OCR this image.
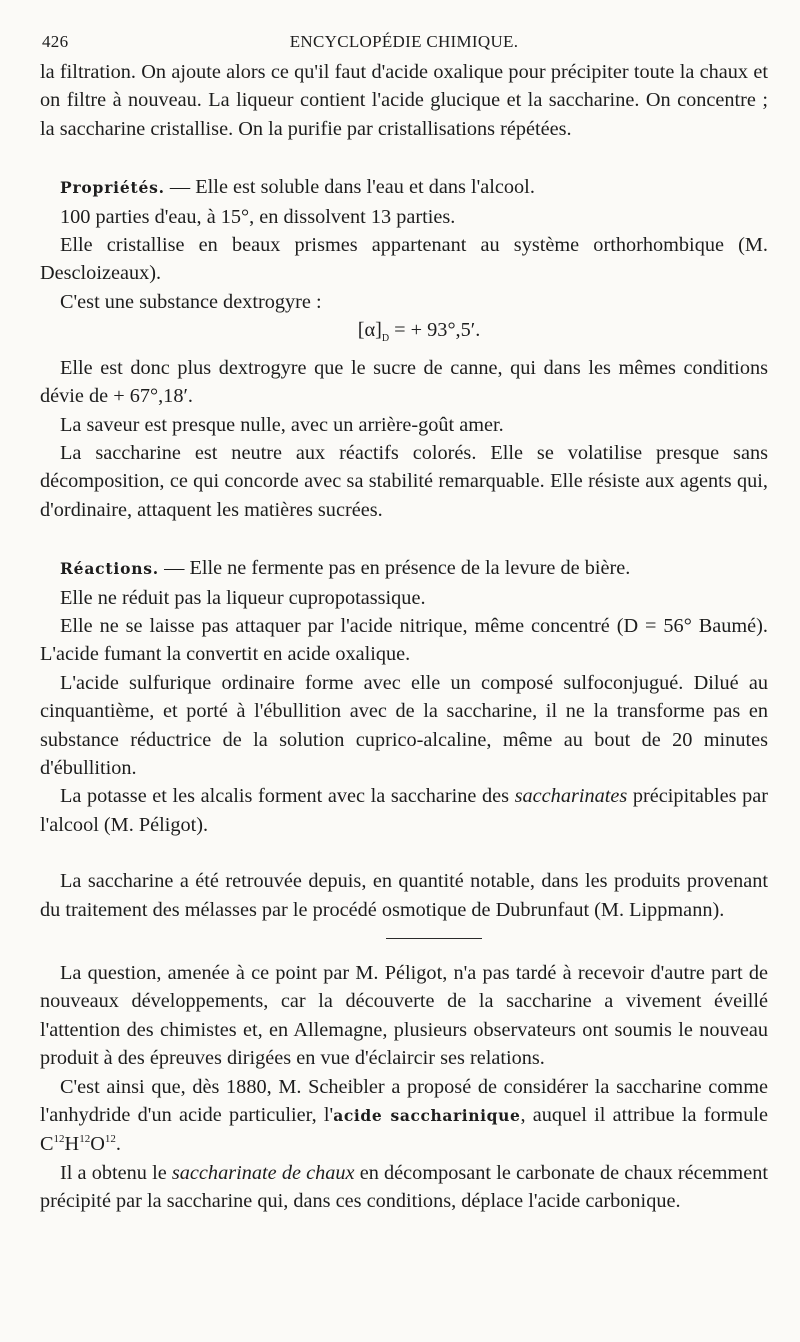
426	ENCYCLOPÉDIE CHIMIQUE.

la filtration. On ajoute alors ce qu'il faut d'acide oxalique pour précipiter toute la chaux et on filtre à nouveau. La liqueur contient l'acide glucique et la saccharine. On concentre ; la saccharine cristallise. On la purifie par cristallisations répétées.

Propriétés. — Elle est soluble dans l'eau et dans l'alcool.

100 parties d'eau, à 15°, en dissolvent 13 parties.

Elle cristallise en beaux prismes appartenant au système orthorhombique (M. Descloizeaux).

C'est une substance dextrogyre :

$[\alpha]_D$ = + 93°,5′.

Elle est donc plus dextrogyre que le sucre de canne, qui dans les mêmes conditions dévie de + 67°,18′.

La saveur est presque nulle, avec un arrière-goût amer.

La saccharine est neutre aux réactifs colorés. Elle se volatilise presque sans décomposition, ce qui concorde avec sa stabilité remarquable. Elle résiste aux agents qui, d'ordinaire, attaquent les matières sucrées.

Réactions. — Elle ne fermente pas en présence de la levure de bière.

Elle ne réduit pas la liqueur cupropotassique.

Elle ne se laisse pas attaquer par l'acide nitrique, même concentré (D = 56° Baumé). L'acide fumant la convertit en acide oxalique.

L'acide sulfurique ordinaire forme avec elle un composé sulfoconjugué. Dilué au cinquantième, et porté à l'ébullition avec de la saccharine, il ne la transforme pas en substance réductrice de la solution cuprico-alcaline, même au bout de 20 minutes d'ébullition.

La potasse et les alcalis forment avec la saccharine des saccharinates précipitables par l'alcool (M. Péligot).

La saccharine a été retrouvée depuis, en quantité notable, dans les produits provenant du traitement des mélasses par le procédé osmotique de Dubrunfaut (M. Lippmann).

La question, amenée à ce point par M. Péligot, n'a pas tardé à recevoir d'autre part de nouveaux développements, car la découverte de la saccharine a vivement éveillé l'attention des chimistes et, en Allemagne, plusieurs observateurs ont soumis le nouveau produit à des épreuves dirigées en vue d'éclaircir ses relations.

C'est ainsi que, dès 1880, M. Scheibler a proposé de considérer la saccharine comme l'anhydride d'un acide particulier, l'acide saccharinique, auquel il attribue la formule $C^{12}H^{12}O^{12}$.

Il a obtenu le saccharinate de chaux en décomposant le carbonate de chaux récemment précipité par la saccharine qui, dans ces conditions, déplace l'acide carbonique.
